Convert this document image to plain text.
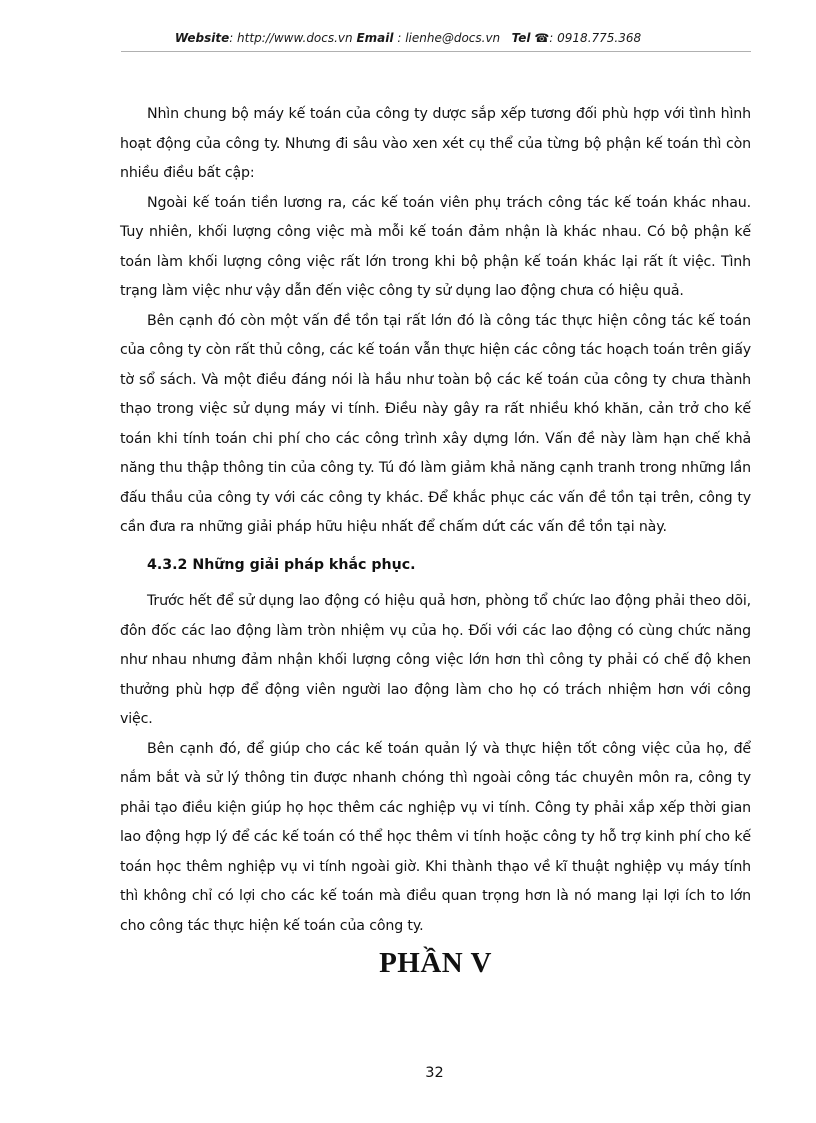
Website: http://www.docs.vn Email : lienhe@docs.vn Tel ☎: 0918.775.368

Nhìn chung bộ máy kế toán của công ty dược sắp xếp tương đối phù hợp với tình hình hoạt động của công ty. Nhưng đi sâu vào xen xét cụ thể của từng bộ phận kế toán thì còn nhiều điều bất cập:

Ngoài kế toán tiền lương ra, các kế toán viên phụ trách công tác kế toán khác nhau. Tuy nhiên, khối lượng công việc mà mỗi kế toán đảm nhận là khác nhau. Có bộ phận kế toán làm khối lượng công việc rất lớn trong khi bộ phận kế toán khác lại rất ít việc. Tình trạng làm việc như vậy dẫn đến việc công ty sử dụng lao động chưa có hiệu quả.

Bên cạnh đó còn một vấn đề tồn tại rất lớn đó là công tác thực hiện công tác kế toán của công ty còn rất thủ công, các kế toán vẫn thực hiện các công tác hoạch toán trên giấy tờ sổ sách. Và một điều đáng nói là hầu như toàn bộ các kế toán của công ty chưa thành thạo trong việc sử dụng máy vi tính. Điều này gây ra rất nhiều khó khăn, cản trở cho kế toán khi tính toán chi phí cho các công trình xây dựng lớn. Vấn đề này làm hạn chế khả năng thu thập thông tin của công ty. Tú đó làm giảm khả năng cạnh tranh trong những lần đấu thầu của công ty với các công ty khác. Để khắc phục các vấn đề tồn tại trên, công ty cần đưa ra những giải pháp hữu hiệu nhất để chấm dứt các vấn đề tồn tại này.

4.3.2 Những giải pháp khắc phục.

Trước hết để sử dụng lao động có hiệu quả hơn, phòng tổ chức lao động phải theo dõi, đôn đốc các lao động làm tròn nhiệm vụ của họ. Đối với các lao động có cùng chức năng như nhau nhưng đảm nhận khối lượng công việc lớn hơn thì công ty phải có chế độ khen thưởng phù hợp để động viên người lao động làm cho họ có trách nhiệm hơn với công việc.

Bên cạnh đó, để giúp cho các kế toán quản lý và thực hiện tốt công việc của họ, để nắm bắt và sử lý thông tin được nhanh chóng thì ngoài công tác chuyên môn ra, công ty phải tạo điều kiện giúp họ học thêm các nghiệp vụ vi tính. Công ty phải xắp xếp thời gian lao động hợp lý để các kế toán có thể học thêm vi tính hoặc công ty hỗ trợ kinh phí cho kế toán học thêm nghiệp vụ vi tính ngoài giờ. Khi thành thạo về kĩ thuật nghiệp vụ máy tính thì không chỉ có lợi cho các kế toán mà điều quan trọng hơn là nó mang lại lợi ích to lớn cho công tác thực hiện kế toán của công ty.

PHẦN V
32
